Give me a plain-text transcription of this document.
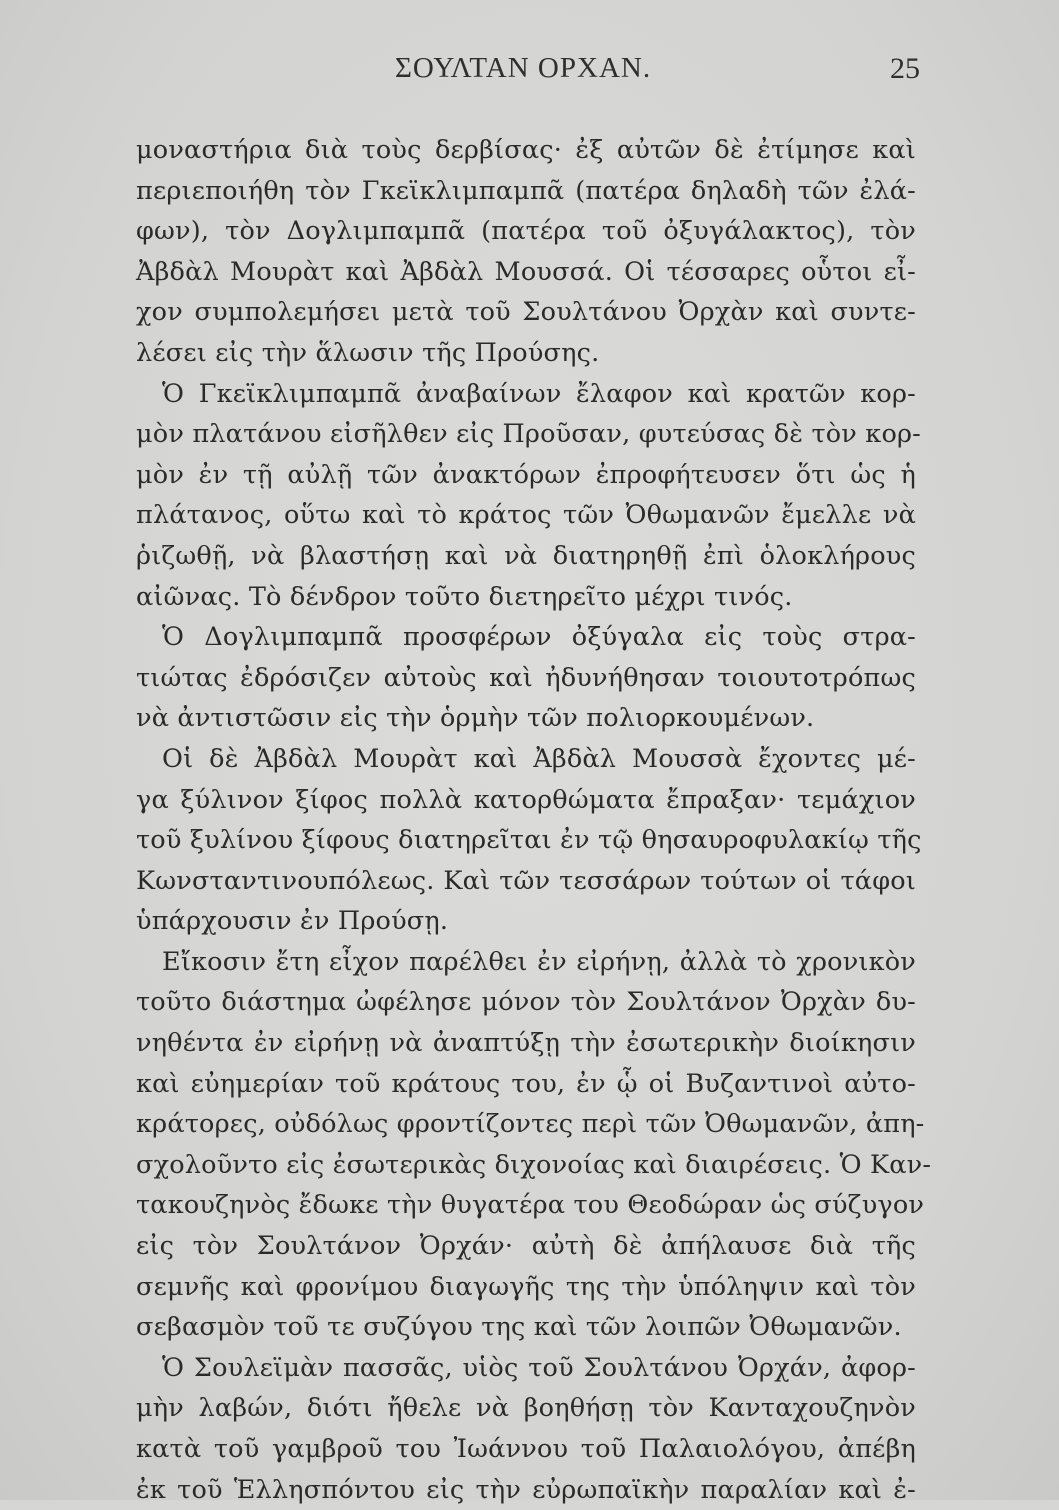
ΣΟΥΛΤΑΝ ΟΡΧΑΝ.	25
μοναστήρια διὰ τοὺς δερβίσας· ἐξ αὐτῶν δὲ ἐτίμησε καὶ
περιεποιήθη τὸν Γκεϊκλιμπαμπᾶ (πατέρα δηλαδὴ τῶν ἐλά-
φων), τὸν Δογλιμπαμπᾶ (πατέρα τοῦ ὀξυγάλακτος), τὸν
Ἀβδὰλ Μουρὰτ καὶ Ἀβδὰλ Μουσσά. Οἱ τέσσαρες οὗτοι εἶ-
χον συμπολεμήσει μετὰ τοῦ Σουλτάνου Ὀρχὰν καὶ συντε-
λέσει εἰς τὴν ἅλωσιν τῆς Προύσης.
Ὁ Γκεϊκλιμπαμπᾶ ἀναβαίνων ἔλαφον καὶ κρατῶν κορ-
μὸν πλατάνου εἰσῆλθεν εἰς Προῦσαν, φυτεύσας δὲ τὸν κορ-
μὸν ἐν τῇ αὐλῇ τῶν ἀνακτόρων ἐπροφήτευσεν ὅτι ὡς ἡ
πλάτανος, οὕτω καὶ τὸ κράτος τῶν Ὀθωμανῶν ἔμελλε νὰ
ῥιζωθῇ, νὰ βλαστήσῃ καὶ νὰ διατηρηθῇ ἐπὶ ὁλοκλήρους
αἰῶνας. Τὸ δένδρον τοῦτο διετηρεῖτο μέχρι τινός.
Ὁ Δογλιμπαμπᾶ προσφέρων ὀξύγαλα εἰς τοὺς στρα-
τιώτας ἐδρόσιζεν αὐτοὺς καὶ ἠδυνήθησαν τοιουτοτρόπως
νὰ ἀντιστῶσιν εἰς τὴν ὁρμὴν τῶν πολιορκουμένων.
Οἱ δὲ Ἀβδὰλ Μουρὰτ καὶ Ἀβδὰλ Μουσσὰ ἔχοντες μέ-
γα ξύλινον ξίφος πολλὰ κατορθώματα ἔπραξαν· τεμάχιον
τοῦ ξυλίνου ξίφους διατηρεῖται ἐν τῷ θησαυροφυλακίῳ τῆς
Κωνσταντινουπόλεως. Καὶ τῶν τεσσάρων τούτων οἱ τάφοι
ὑπάρχουσιν ἐν Προύσῃ.
Εἴκοσιν ἔτη εἶχον παρέλθει ἐν εἰρήνῃ, ἀλλὰ τὸ χρονικὸν
τοῦτο διάστημα ὠφέλησε μόνον τὸν Σουλτάνον Ὀρχὰν δυ-
νηθέντα ἐν εἰρήνῃ νὰ ἀναπτύξῃ τὴν ἐσωτερικὴν διοίκησιν
καὶ εὐημερίαν τοῦ κράτους του, ἐν ᾧ οἱ Βυζαντινοὶ αὐτο-
κράτορες, οὐδόλως φροντίζοντες περὶ τῶν Ὀθωμανῶν, ἀπη-
σχολοῦντο εἰς ἐσωτερικὰς διχονοίας καὶ διαιρέσεις. Ὁ Καν-
τακουζηνὸς ἔδωκε τὴν θυγατέρα του Θεοδώραν ὡς σύζυγον
εἰς τὸν Σουλτάνον Ὀρχάν· αὐτὴ δὲ ἀπήλαυσε διὰ τῆς
σεμνῆς καὶ φρονίμου διαγωγῆς της τὴν ὑπόληψιν καὶ τὸν
σεβασμὸν τοῦ τε συζύγου της καὶ τῶν λοιπῶν Ὀθωμανῶν.
Ὁ Σουλεϊμὰν πασσᾶς, υἱὸς τοῦ Σουλτάνου Ὀρχάν, ἀφορ-
μὴν λαβών, διότι ἤθελε νὰ βοηθήσῃ τὸν Κανταχουζηνὸν
κατὰ τοῦ γαμβροῦ του Ἰωάννου τοῦ Παλαιολόγου, ἀπέβη
ἐκ τοῦ Ἑλλησπόντου εἰς τὴν εὐρωπαϊκὴν παραλίαν καὶ ἐ-
